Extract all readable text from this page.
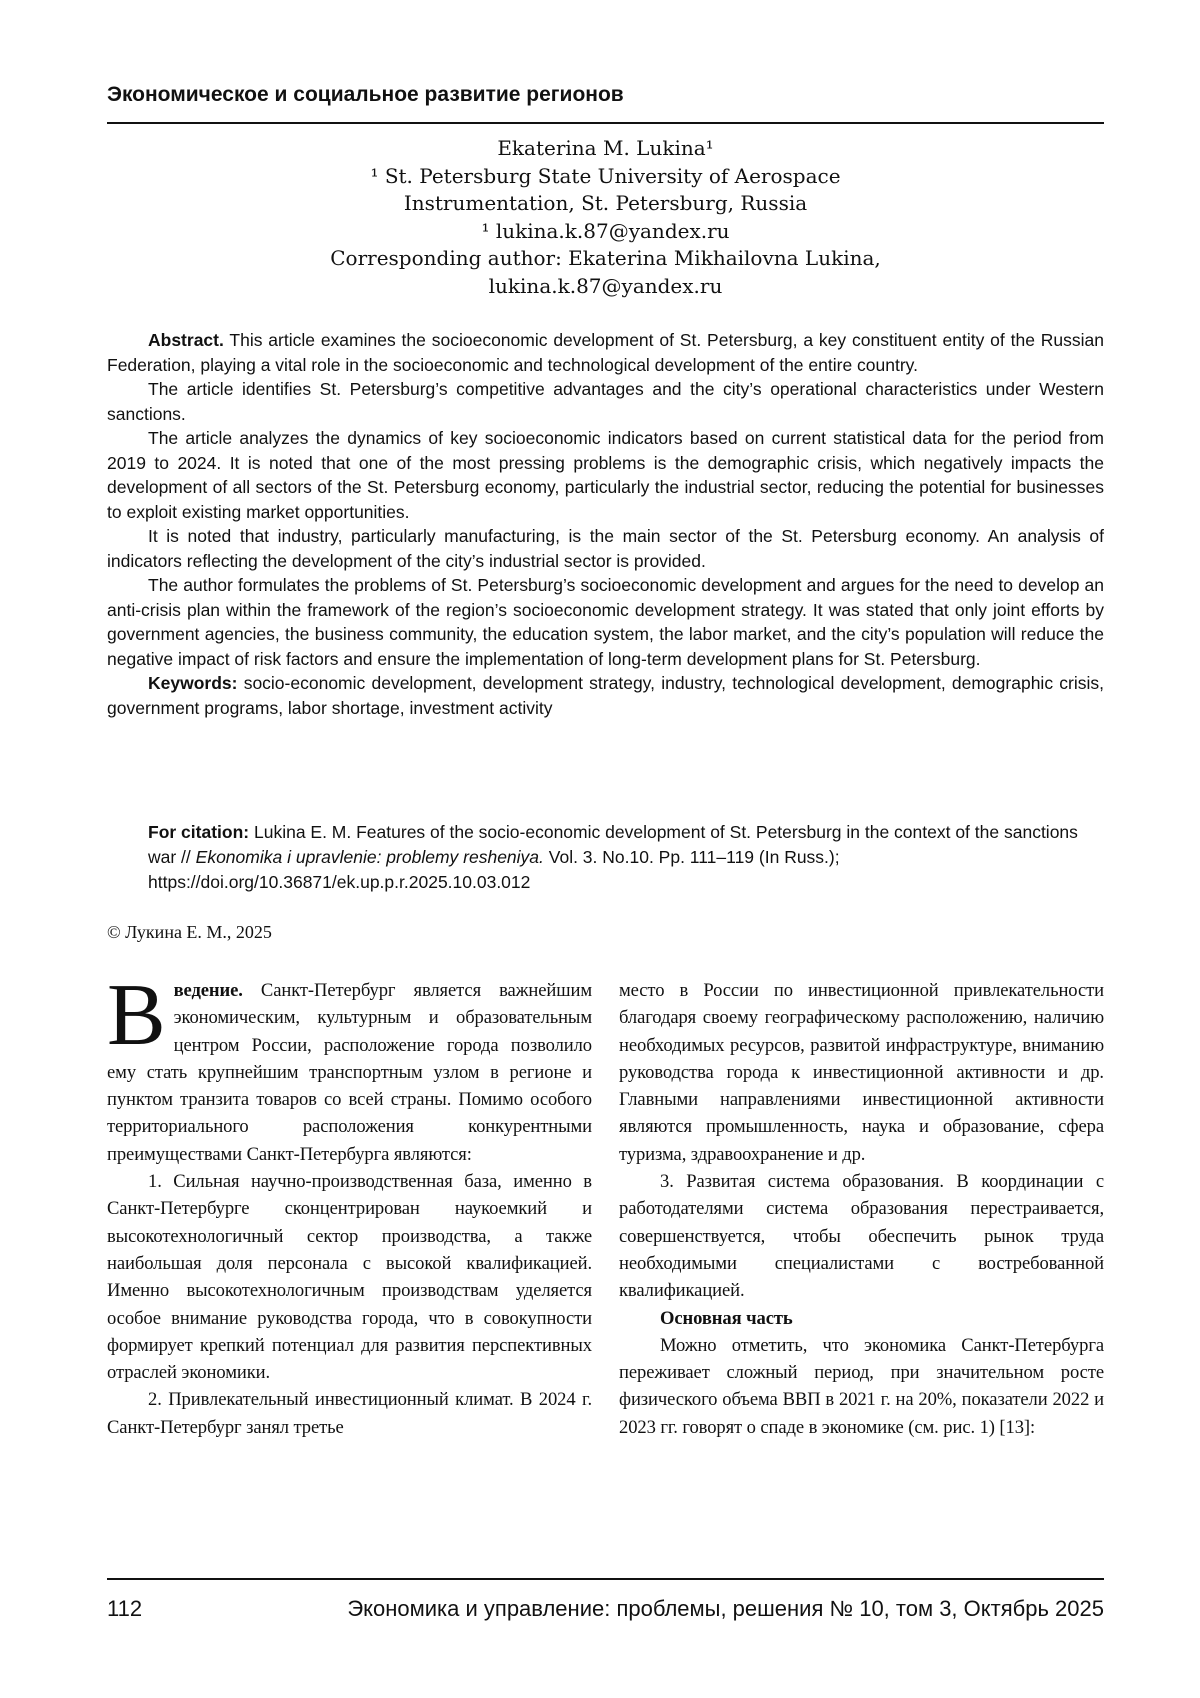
Экономическое и социальное развитие регионов
Ekaterina M. Lukina¹
¹ St. Petersburg State University of Aerospace
Instrumentation, St. Petersburg, Russia
¹ lukina.k.87@yandex.ru
Corresponding author: Ekaterina Mikhailovna Lukina,
lukina.k.87@yandex.ru

Abstract. This article examines the socioeconomic development of St. Petersburg, a key constituent entity of the Russian Federation, playing a vital role in the socioeconomic and technological development of the entire country.

The article identifies St. Petersburg’s competitive advantages and the city’s operational characteristics under Western sanctions.

The article analyzes the dynamics of key socioeconomic indicators based on current statistical data for the period from 2019 to 2024. It is noted that one of the most pressing problems is the demographic crisis, which negatively impacts the development of all sectors of the St. Petersburg economy, particularly the industrial sector, reducing the potential for businesses to exploit existing market opportunities.

It is noted that industry, particularly manufacturing, is the main sector of the St. Petersburg economy. An analysis of indicators reflecting the development of the city’s industrial sector is provided.

The author formulates the problems of St. Petersburg’s socioeconomic development and argues for the need to develop an anti-crisis plan within the framework of the region’s socioeconomic development strategy. It was stated that only joint efforts by government agencies, the business community, the education system, the labor market, and the city’s population will reduce the negative impact of risk factors and ensure the implementation of long-term development plans for St. Petersburg.

Keywords: socio-economic development, development strategy, industry, technological development, demographic crisis, government programs, labor shortage, investment activity

For citation: Lukina E. M. Features of the socio-economic development of St. Petersburg in the context of the sanctions war // Ekonomika i upravlenie: problemy resheniya. Vol. 3. No.10. Pp. 111–119 (In Russ.); https://doi.org/10.36871/ek.up.p.r.2025.10.03.012
© Лукина Е. М., 2025

Введение. Санкт-Петербург является важнейшим экономическим, культурным и образовательным центром России, расположение города позволило ему стать крупнейшим транспортным узлом в регионе и пунктом транзита товаров со всей страны. Помимо особого территориального расположения конкурентными преимуществами Санкт-Петербурга являются:

1. Сильная научно-производственная база, именно в Санкт-Петербурге сконцентрирован наукоемкий и высокотехнологичный сектор производства, а также наибольшая доля персонала с высокой квалификацией. Именно высокотехнологичным производствам уделяется особое внимание руководства города, что в совокупности формирует крепкий потенциал для развития перспективных отраслей экономики.

2. Привлекательный инвестиционный климат. В 2024 г. Санкт-Петербург занял третье

место в России по инвестиционной привлекательности благодаря своему географическому расположению, наличию необходимых ресурсов, развитой инфраструктуре, вниманию руководства города к инвестиционной активности и др. Главными направлениями инвестиционной активности являются промышленность, наука и образование, сфера туризма, здравоохранение и др.

3. Развитая система образования. В координации с работодателями система образования перестраивается, совершенствуется, чтобы обеспечить рынок труда необходимыми специалистами с востребованной квалификацией.

Основная часть

Можно отметить, что экономика Санкт-Петербурга переживает сложный период, при значительном росте физического объема ВВП в 2021 г. на 20%, показатели 2022 и 2023 гг. говорят о спаде в экономике (см. рис. 1) [13]:

112	Экономика и управление: проблемы, решения № 10, том 3, Октябрь 2025
